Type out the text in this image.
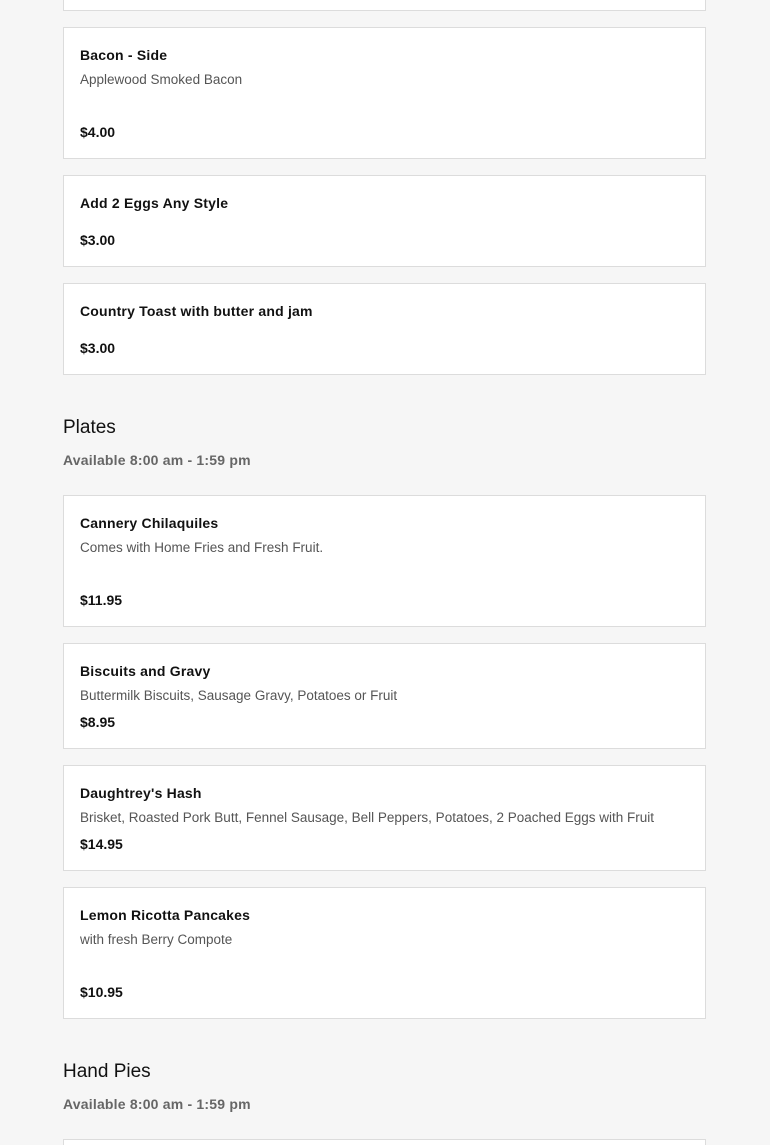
Bacon - Side
Applewood Smoked Bacon
$4.00
Add 2 Eggs Any Style
$3.00
Country Toast with butter and jam
$3.00
Plates
Available 8:00 am - 1:59 pm
Cannery Chilaquiles
Comes with Home Fries and Fresh Fruit.
$11.95
Biscuits and Gravy
Buttermilk Biscuits, Sausage Gravy, Potatoes or Fruit
$8.95
Daughtrey's Hash
Brisket, Roasted Pork Butt, Fennel Sausage, Bell Peppers, Potatoes, 2 Poached Eggs with Fruit
$14.95
Lemon Ricotta Pancakes
with fresh Berry Compote
$10.95
Hand Pies
Available 8:00 am - 1:59 pm
